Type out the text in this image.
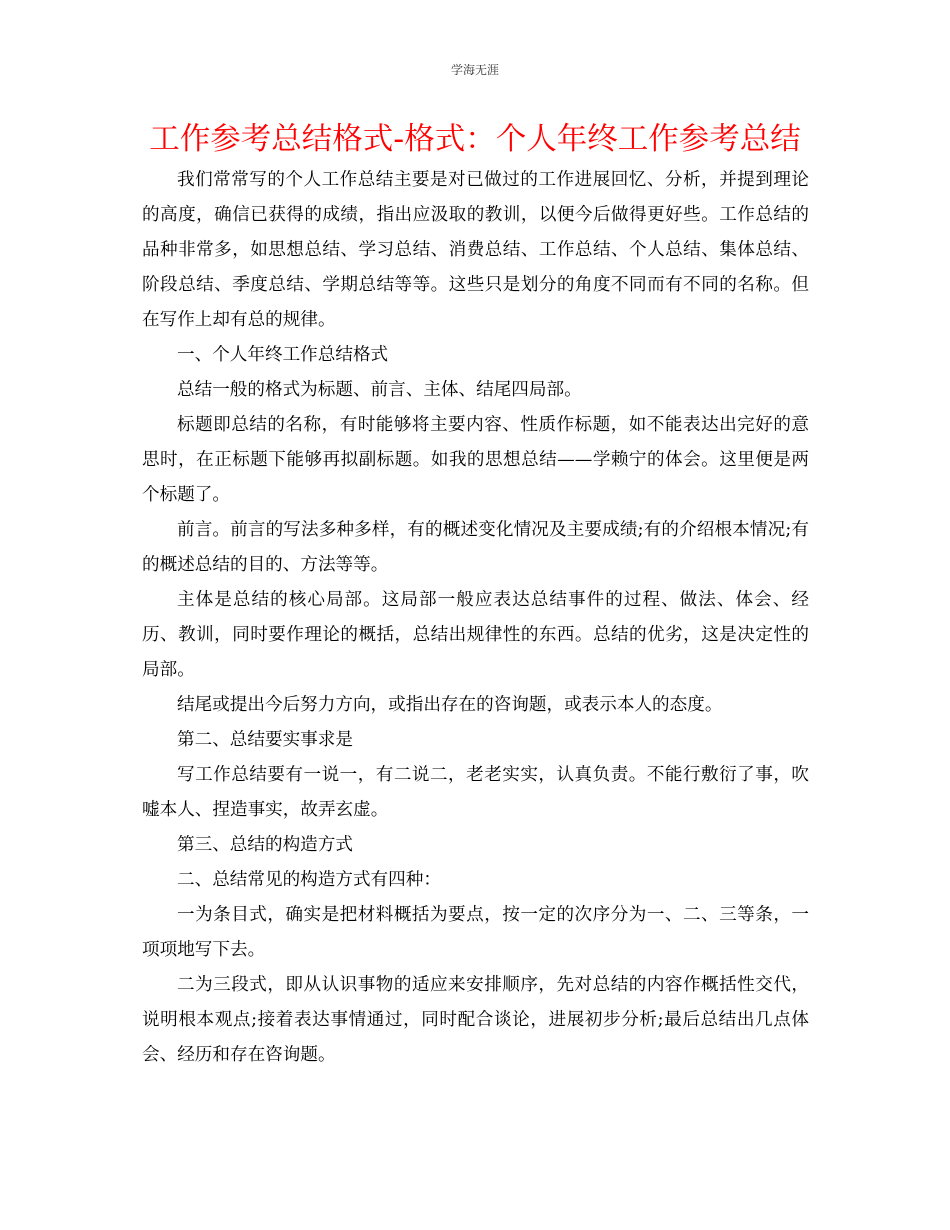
学海无涯
工作参考总结格式-格式：个人年终工作参考总结

我们常常写的个人工作总结主要是对已做过的工作进展回忆、分析，并提到理论的高度，确信已获得的成绩，指出应汲取的教训，以便今后做得更好些。工作总结的品种非常多，如思想总结、学习总结、消费总结、工作总结、个人总结、集体总结、阶段总结、季度总结、学期总结等等。这些只是划分的角度不同而有不同的名称。但在写作上却有总的规律。

一、个人年终工作总结格式

总结一般的格式为标题、前言、主体、结尾四局部。

标题即总结的名称，有时能够将主要内容、性质作标题，如不能表达出完好的意思时，在正标题下能够再拟副标题。如我的思想总结——学赖宁的体会。这里便是两个标题了。

前言。前言的写法多种多样，有的概述变化情况及主要成绩;有的介绍根本情况;有的概述总结的目的、方法等等。

主体是总结的核心局部。这局部一般应表达总结事件的过程、做法、体会、经历、教训，同时要作理论的概括，总结出规律性的东西。总结的优劣，这是决定性的局部。

结尾或提出今后努力方向，或指出存在的咨询题，或表示本人的态度。

第二、总结要实事求是

写工作总结要有一说一，有二说二，老老实实，认真负责。不能行敷衍了事，吹嘘本人、捏造事实，故弄玄虚。

第三、总结的构造方式

二、总结常见的构造方式有四种：

一为条目式，确实是把材料概括为要点，按一定的次序分为一、二、三等条，一项项地写下去。

二为三段式，即从认识事物的适应来安排顺序，先对总结的内容作概括性交代，说明根本观点;接着表达事情通过，同时配合谈论，进展初步分析;最后总结出几点体会、经历和存在咨询题。
